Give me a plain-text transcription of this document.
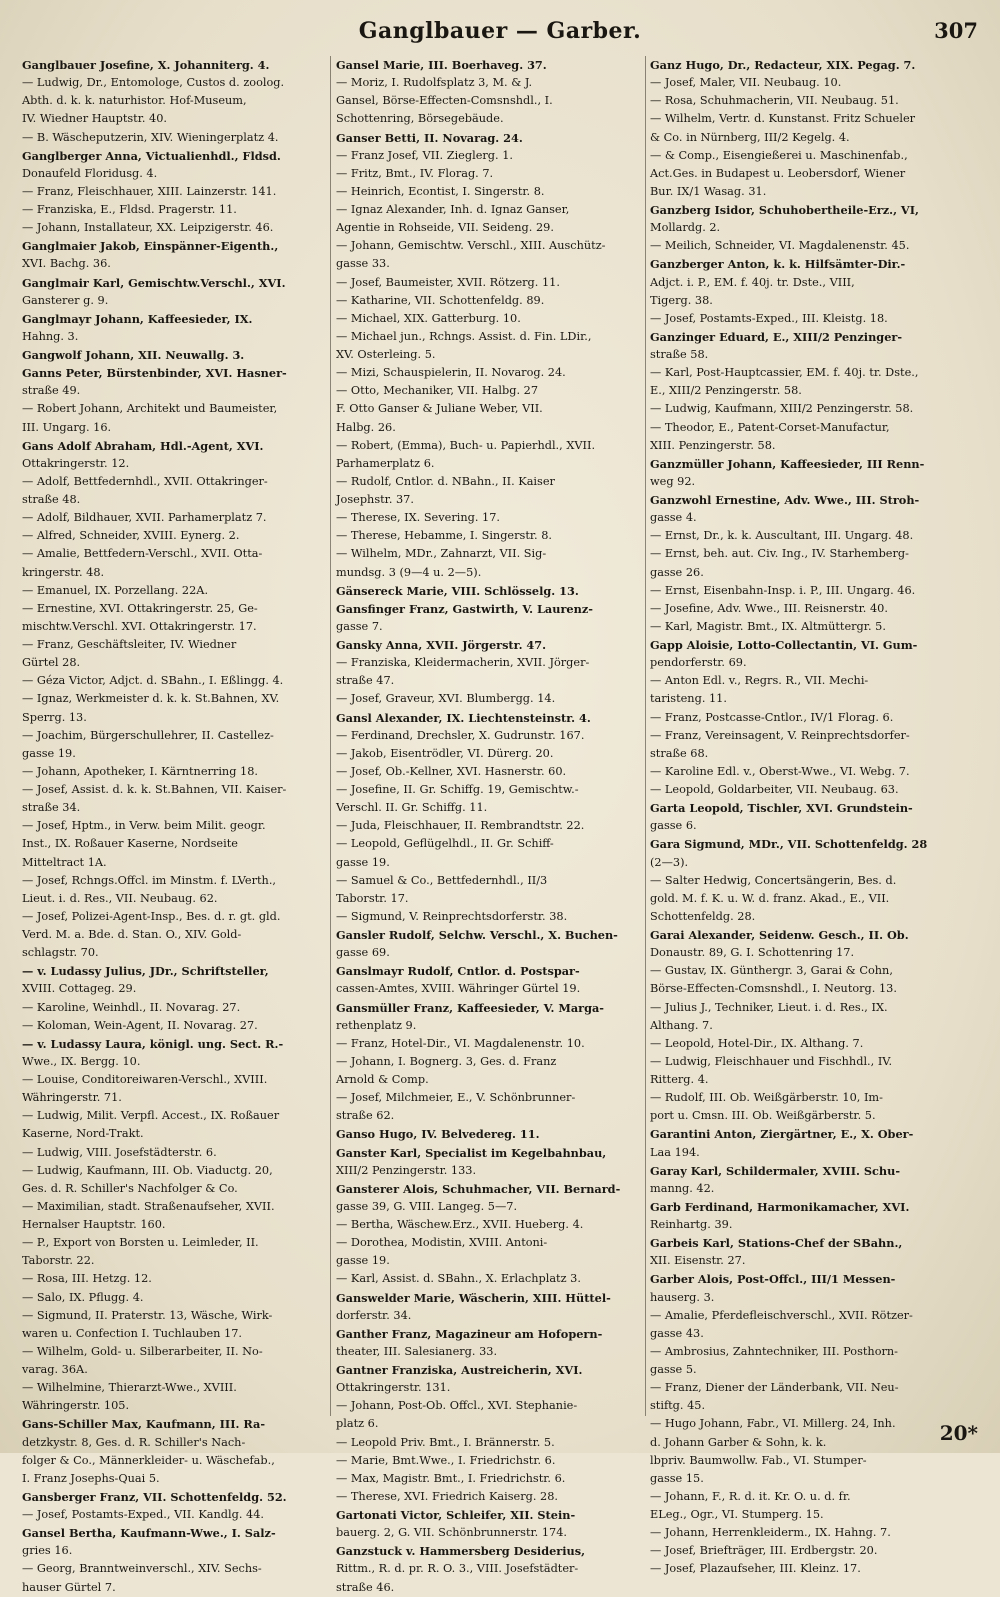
Ganglbauer — Garber.	307
Ganglbauer Josefine, X. Johanniterg. 4.
— Ludwig, Dr., Entomologe, Custos d. zoolog.
Abth. d. k. k. naturhistor. Hof-Museum,
IV. Wiedner Hauptstr. 40.
— B. Wäscheputzerin, XIV. Wieningerplatz 4.
Ganglberger Anna, Victualienhdl., Fldsd.
Donaufeld Floridusg. 4.
— Franz, Fleischhauer, XIII. Lainzerstr. 141.
— Franziska, E., Fldsd. Pragerstr. 11.
— Johann, Installateur, XX. Leipzigerstr. 46.
Ganglmaier Jakob, Einspänner-Eigenth.,
XVI. Bachg. 36.
Ganglmair Karl, Gemischtw.Verschl., XVI.
Gansterer g. 9.
Ganglmayr Johann, Kaffeesieder, IX.
Hahng. 3.
Gangwolf Johann, XII. Neuwallg. 3.
Ganns Peter, Bürstenbinder, XVI. Hasner-
straße 49.
— Robert Johann, Architekt und Baumeister,
III. Ungarg. 16.
Gans Adolf Abraham, Hdl.-Agent, XVI.
Ottakringerstr. 12.
— Adolf, Bettfedernhdl., XVII. Ottakringer-
straße 48.
— Adolf, Bildhauer, XVII. Parhamerplatz 7.
— Alfred, Schneider, XVIII. Eynerg. 2.
— Amalie, Bettfedern-Verschl., XVII. Otta-
kringerstr. 48.
— Emanuel, IX. Porzellang. 22A.
— Ernestine, XVI. Ottakringerstr. 25, Ge-
mischtw.Verschl. XVI. Ottakringerstr. 17.
— Franz, Geschäftsleiter, IV. Wiedner
Gürtel 28.
— Géza Victor, Adjct. d. SBahn., I. Eßlingg. 4.
— Ignaz, Werkmeister d. k. k. St.Bahnen, XV.
Sperrg. 13.
— Joachim, Bürgerschullehrer, II. Castellez-
gasse 19.
— Johann, Apotheker, I. Kärntnerring 18.
— Josef, Assist. d. k. k. St.Bahnen, VII. Kaiser-
straße 34.
— Josef, Hptm., in Verw. beim Milit. geogr.
Inst., IX. Roßauer Kaserne, Nordseite
Mitteltract 1A.
— Josef, Rchngs.Offcl. im Minstm. f. LVerth.,
Lieut. i. d. Res., VII. Neubaug. 62.
— Josef, Polizei-Agent-Insp., Bes. d. r. gt. gld.
Verd. M. a. Bde. d. Stan. O., XIV. Gold-
schlagstr. 70.
— v. Ludassy Julius, JDr., Schriftsteller,
XVIII. Cottageg. 29.
— Karoline, Weinhdl., II. Novarag. 27.
— Koloman, Wein-Agent, II. Novarag. 27.
— v. Ludassy Laura, königl. ung. Sect. R.-
Wwe., IX. Bergg. 10.
— Louise, Conditoreiwaren-Verschl., XVIII.
Währingerstr. 71.
— Ludwig, Milit. Verpfl. Accest., IX. Roßauer
Kaserne, Nord-Trakt.
— Ludwig, VIII. Josefstädterstr. 6.
— Ludwig, Kaufmann, III. Ob. Viaductg. 20,
Ges. d. R. Schiller's Nachfolger & Co.
— Maximilian, stadt. Straßenaufseher, XVII.
Hernalser Hauptstr. 160.
— P., Export von Borsten u. Leimleder, II.
Taborstr. 22.
— Rosa, III. Hetzg. 12.
— Salo, IX. Pflugg. 4.
— Sigmund, II. Praterstr. 13, Wäsche, Wirk-
waren u. Confection I. Tuchlauben 17.
— Wilhelm, Gold- u. Silberarbeiter, II. No-
varag. 36A.
— Wilhelmine, Thierarzt-Wwe., XVIII.
Währingerstr. 105.
Gans-Schiller Max, Kaufmann, III. Ra-
detzkystr. 8, Ges. d. R. Schiller's Nach-
folger & Co., Männerkleider- u. Wäschefab.,
I. Franz Josephs-Quai 5.
Gansberger Franz, VII. Schottenfeldg. 52.
— Josef, Postamts-Exped., VII. Kandlg. 44.
Gansel Bertha, Kaufmann-Wwe., I. Salz-
gries 16.
— Georg, Branntweinverschl., XIV. Sechs-
hauser Gürtel 7.
Gansel Marie, III. Boerhaveg. 37.
— Moriz, I. Rudolfsplatz 3, M. & J.
Gansel, Börse-Effecten-Comsnshdl., I.
Schottenring, Börsegebäude.
Ganser Betti, II. Novarag. 24.
— Franz Josef, VII. Zieglerg. 1.
— Fritz, Bmt., IV. Florag. 7.
— Heinrich, Econtist, I. Singerstr. 8.
— Ignaz Alexander, Inh. d. Ignaz Ganser,
Agentie in Rohseide, VII. Seideng. 29.
— Johann, Gemischtw. Verschl., XIII. Auschütz-
gasse 33.
— Josef, Baumeister, XVII. Rötzerg. 11.
— Katharine, VII. Schottenfeldg. 89.
— Michael, XIX. Gatterburg. 10.
— Michael jun., Rchngs. Assist. d. Fin. LDir.,
XV. Osterleing. 5.
— Mizi, Schauspielerin, II. Novarog. 24.
— Otto, Mechaniker, VII. Halbg. 27
F. Otto Ganser & Juliane Weber, VII.
Halbg. 26.
— Robert, (Emma), Buch- u. Papierhdl., XVII.
Parhamerplatz 6.
— Rudolf, Cntlor. d. NBahn., II. Kaiser
Josephstr. 37.
— Therese, IX. Severing. 17.
— Therese, Hebamme, I. Singerstr. 8.
— Wilhelm, MDr., Zahnarzt, VII. Sig-
mundsg. 3 (9—4 u. 2—5).
Gänsereck Marie, VIII. Schlösselg. 13.
Gansfinger Franz, Gastwirth, V. Laurenz-
gasse 7.
Gansky Anna, XVII. Jörgerstr. 47.
— Franziska, Kleidermacherin, XVII. Jörger-
straße 47.
— Josef, Graveur, XVI. Blumbergg. 14.
Gansl Alexander, IX. Liechtensteinstr. 4.
— Ferdinand, Drechsler, X. Gudrunstr. 167.
— Jakob, Eisentrödler, VI. Dürerg. 20.
— Josef, Ob.-Kellner, XVI. Hasnerstr. 60.
— Josefine, II. Gr. Schiffg. 19, Gemischtw.-
Verschl. II. Gr. Schiffg. 11.
— Juda, Fleischhauer, II. Rembrandtstr. 22.
— Leopold, Geflügelhdl., II. Gr. Schiff-
gasse 19.
— Samuel & Co., Bettfedernhdl., II/3
Taborstr. 17.
— Sigmund, V. Reinprechtsdorferstr. 38.
Gansler Rudolf, Selchw. Verschl., X. Buchen-
gasse 69.
Ganslmayr Rudolf, Cntlor. d. Postspar-
cassen-Amtes, XVIII. Währinger Gürtel 19.
Gansmüller Franz, Kaffeesieder, V. Marga-
rethenplatz 9.
— Franz, Hotel-Dir., VI. Magdalenenstr. 10.
— Johann, I. Bognerg. 3, Ges. d. Franz
Arnold & Comp.
— Josef, Milchmeier, E., V. Schönbrunner-
straße 62.
Ganso Hugo, IV. Belvedereg. 11.
Ganster Karl, Specialist im Kegelbahnbau,
XIII/2 Penzingerstr. 133.
Gansterer Alois, Schuhmacher, VII. Bernard-
gasse 39, G. VIII. Langeg. 5—7.
— Bertha, Wäschew.Erz., XVII. Hueberg. 4.
— Dorothea, Modistin, XVIII. Antoni-
gasse 19.
— Karl, Assist. d. SBahn., X. Erlachplatz 3.
Ganswelder Marie, Wäscherin, XIII. Hüttel-
dorferstr. 34.
Ganther Franz, Magazineur am Hofopern-
theater, III. Salesianerg. 33.
Gantner Franziska, Austreicherin, XVI.
Ottakringerstr. 131.
— Johann, Post-Ob. Offcl., XVI. Stephanie-
platz 6.
— Leopold Priv. Bmt., I. Brännerstr. 5.
— Marie, Bmt.Wwe., I. Friedrichstr. 6.
— Max, Magistr. Bmt., I. Friedrichstr. 6.
— Therese, XVI. Friedrich Kaiserg. 28.
Gartonati Victor, Schleifer, XII. Stein-
bauerg. 2, G. VII. Schönbrunnerstr. 174.
Ganzstuck v. Hammersberg Desiderius,
Rittm., R. d. pr. R. O. 3., VIII. Josefstädter-
straße 46.
Ganz Hugo, Dr., Redacteur, XIX. Pegag. 7.
— Josef, Maler, VII. Neubaug. 10.
— Rosa, Schuhmacherin, VII. Neubaug. 51.
— Wilhelm, Vertr. d. Kunstanst. Fritz Schueler
& Co. in Nürnberg, III/2 Kegelg. 4.
— & Comp., Eisengießerei u. Maschinenfab.,
Act.Ges. in Budapest u. Leobersdorf, Wiener
Bur. IX/1 Wasag. 31.
Ganzberg Isidor, Schuhobertheile-Erz., VI,
Mollardg. 2.
— Meilich, Schneider, VI. Magdalenenstr. 45.
Ganzberger Anton, k. k. Hilfsämter-Dir.-
Adjct. i. P., EM. f. 40j. tr. Dste., VIII,
Tigerg. 38.
— Josef, Postamts-Exped., III. Kleistg. 18.
Ganzinger Eduard, E., XIII/2 Penzinger-
straße 58.
— Karl, Post-Hauptcassier, EM. f. 40j. tr. Dste.,
E., XIII/2 Penzingerstr. 58.
— Ludwig, Kaufmann, XIII/2 Penzingerstr. 58.
— Theodor, E., Patent-Corset-Manufactur,
XIII. Penzingerstr. 58.
Ganzmüller Johann, Kaffeesieder, III Renn-
weg 92.
Ganzwohl Ernestine, Adv. Wwe., III. Stroh-
gasse 4.
— Ernst, Dr., k. k. Auscultant, III. Ungarg. 48.
— Ernst, beh. aut. Civ. Ing., IV. Starhemberg-
gasse 26.
— Ernst, Eisenbahn-Insp. i. P., III. Ungarg. 46.
— Josefine, Adv. Wwe., III. Reisnerstr. 40.
— Karl, Magistr. Bmt., IX. Altmüttergr. 5.
Gapp Aloisie, Lotto-Collectantin, VI. Gum-
pendorferstr. 69.
— Anton Edl. v., Regrs. R., VII. Mechi-
taristeng. 11.
— Franz, Postcasse-Cntlor., IV/1 Florag. 6.
— Franz, Vereinsagent, V. Reinprechtsdorfer-
straße 68.
— Karoline Edl. v., Oberst-Wwe., VI. Webg. 7.
— Leopold, Goldarbeiter, VII. Neubaug. 63.
Garta Leopold, Tischler, XVI. Grundstein-
gasse 6.
Gara Sigmund, MDr., VII. Schottenfeldg. 28
(2—3).
— Salter Hedwig, Concertsängerin, Bes. d.
gold. M. f. K. u. W. d. franz. Akad., E., VII.
Schottenfeldg. 28.
Garai Alexander, Seidenw. Gesch., II. Ob.
Donaustr. 89, G. I. Schottenring 17.
— Gustav, IX. Günthergr. 3, Garai & Cohn,
Börse-Effecten-Comsnshdl., I. Neutorg. 13.
— Julius J., Techniker, Lieut. i. d. Res., IX.
Althang. 7.
— Leopold, Hotel-Dir., IX. Althang. 7.
— Ludwig, Fleischhauer und Fischhdl., IV.
Ritterg. 4.
— Rudolf, III. Ob. Weißgärberstr. 10, Im-
port u. Cmsn. III. Ob. Weißgärberstr. 5.
Garantini Anton, Ziergärtner, E., X. Ober-
Laa 194.
Garay Karl, Schildermaler, XVIII. Schu-
manng. 42.
Garb Ferdinand, Harmonikamacher, XVI.
Reinhartg. 39.
Garbeis Karl, Stations-Chef der SBahn.,
XII. Eisenstr. 27.
Garber Alois, Post-Offcl., III/1 Messen-
hauserg. 3.
— Amalie, Pferdefleischverschl., XVII. Rötzer-
gasse 43.
— Ambrosius, Zahntechniker, III. Posthorn-
gasse 5.
— Franz, Diener der Länderbank, VII. Neu-
stiftg. 45.
— Hugo Johann, Fabr., VI. Millerg. 24, Inh.
d. Johann Garber & Sohn, k. k.
lbpriv. Baumwollw. Fab., VI. Stumper-
gasse 15.
— Johann, F., R. d. it. Kr. O. u. d. fr.
ELeg., Ogr., VI. Stumperg. 15.
— Johann, Herrenkleiderm., IX. Hahng. 7.
— Josef, Briefträger, III. Erdbergstr. 20.
— Josef, Plazaufseher, III. Kleinz. 17.
20*
